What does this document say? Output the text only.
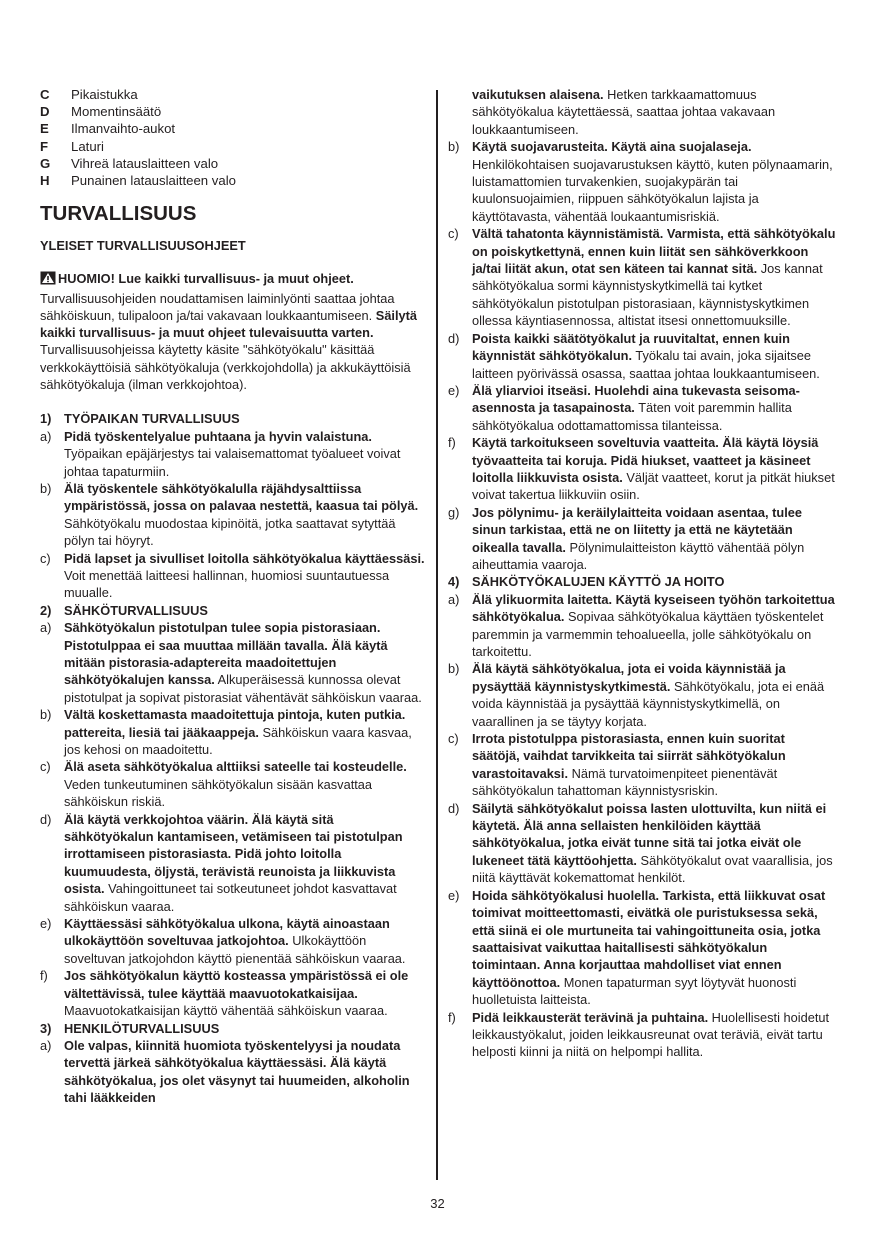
C	Pikaistukka
D	Momentinsäätö
E	Ilmanvaihto-aukot
F	Laturi
G	Vihreä latauslaitteen valo
H	Punainen latauslaitteen valo
TURVALLISUUS
YLEISET TURVALLISUUSOHJEET
HUOMIO! Lue kaikki turvallisuus- ja muut ohjeet. Turvallisuusohjeiden noudattamisen laiminlyönti saattaa johtaa sähköiskuun, tulipaloon ja/tai vakavaan loukkaantumiseen. Säilytä kaikki turvallisuus- ja muut ohjeet tulevaisuutta varten. Turvallisuusohjeissa käytetty käsite "sähkötyökalu" käsittää verkkokäyttöisiä sähkötyökaluja (verkkojohdolla) ja akkukäyttöisiä sähkötyökaluja (ilman verkkojohtoa).
1) TYÖPAIKAN TURVALLISUUS
a) Pidä työskentelyalue puhtaana ja hyvin valaistuna. Työpaikan epäjärjestys tai valaisemattomat työalueet voivat johtaa tapaturmiin.
b) Älä työskentele sähkötyökalulla räjähdysalttiissa ympäristössä, jossa on palavaa nestettä, kaasua tai pölyä. Sähkötyökalu muodostaa kipinöitä, jotka saattavat sytyttää pölyn tai höyryt.
c)	Pidä lapset ja sivulliset loitolla sähkötyökalua käyttäessäsi. Voit menettää laitteesi hallinnan, huomiosi suuntautuessa muualle.
2) SÄHKÖTURVALLISUUS
a) Sähkötyökalun pistotulpan tulee sopia pistorasiaan. Pistotulppaa ei saa muuttaa millään tavalla. Älä käytä mitään pistorasia-adaptereita maadoitettujen sähkötyökalujen kanssa. Alkuperäisessä kunnossa olevat pistotulpat ja sopivat pistorasiat vähentävät sähköiskun vaaraa.
b) Vältä koskettamasta maadoitettuja pintoja, kuten putkia. pattereita, liesiä tai jääkaappeja. Sähköiskun vaara kasvaa, jos kehosi on maadoitettu.
c)	Älä aseta sähkötyökalua alttiiksi sateelle tai kosteudelle. Veden tunkeutuminen sähkötyökalun sisään kasvattaa sähköiskun riskiä.
d) Älä käytä verkkojohtoa väärin. Älä käytä sitä sähkötyökalun kantamiseen, vetämiseen tai pistotulpan irrottamiseen pistorasiasta. Pidä johto loitolla kuumuudesta, öljystä, terävistä reunoista ja liikkuvista osista. Vahingoittuneet tai sotkeutuneet johdot kasvattavat sähköiskun vaaraa.
e) Käyttäessäsi sähkötyökalua ulkona, käytä ainoastaan ulkokäyttöön soveltuvaa jatkojohtoa. Ulkokäyttöön soveltuvan jatkojohdon käyttö pienentää sähköiskun vaaraa.
f)	Jos sähkötyökalun käyttö kosteassa ympäristössä ei ole vältettävissä, tulee käyttää maavuotokatkaisijaa. Maavuotokatkaisijan käyttö vähentää sähköiskun vaaraa.
3) HENKILÖTURVALLISUUS
a) Ole valpas, kiinnitä huomiota työskentelyysi ja noudata tervettä järkeä sähkötyökalua käyttäessäsi. Älä käytä sähkötyökalua, jos olet väsynyt tai huumeiden, alkoholin tahi lääkkeiden
vaikutuksen alaisena. Hetken tarkkaamattomuus sähkötyökalua käytettäessä, saattaa johtaa vakavaan loukkaantumiseen.
b) Käytä suojavarusteita. Käytä aina suojalaseja. Henkilökohtaisen suojavarustuksen käyttö, kuten pölynaamarin, luistamattomien turvakenkien, suojakypärän tai kuulonsuojaimien, riippuen sähkötyökalun lajista ja käyttötavasta, vähentää loukaantumisriskiä.
c)	Vältä tahatonta käynnistämistä. Varmista, että sähkötyökalu on poiskytkettynä, ennen kuin liität sen sähköverkkoon ja/tai liität akun, otat sen käteen tai kannat sitä. Jos kannat sähkötyökalua sormi käynnistyskytkimellä tai kytket sähkötyökalun pistotulpan pistorasiaan, käynnistyskytkimen ollessa käyntiasennossa, altistat itsesi onnettomuuksille.
d) Poista kaikki säätötyökalut ja ruuvitaltat, ennen kuin käynnistät sähkötyökalun. Työkalu tai avain, joka sijaitsee laitteen pyörivässä osassa, saattaa johtaa loukkaantumiseen.
e) Älä yliarvioi itseäsi. Huolehdi aina tukevasta seisoma-asennosta ja tasapainosta. Täten voit paremmin hallita sähkötyökalua odottamattomissa tilanteissa.
f)	Käytä tarkoitukseen soveltuvia vaatteita. Älä käytä löysiä työvaatteita tai koruja. Pidä hiukset, vaatteet ja käsineet loitolla liikkuvista osista. Väljät vaatteet, korut ja pitkät hiukset voivat takertua liikkuviin osiin.
g) Jos pölynimu- ja keräilylaitteita voidaan asentaa, tulee sinun tarkistaa, että ne on liitetty ja että ne käytetään oikealla tavalla. Pölynimulaitteiston käyttö vähentää pölyn aiheuttamia vaaroja.
4) SÄHKÖTYÖKALUJEN KÄYTTÖ JA HOITO
a) Älä ylikuormita laitetta. Käytä kyseiseen työhön tarkoitettua sähkötyökalua. Sopivaa sähkötyökalua käyttäen työskentelet paremmin ja varmemmin tehoalueella, jolle sähkötyökalu on tarkoitettu.
b) Älä käytä sähkötyökalua, jota ei voida käynnistää ja pysäyttää käynnistyskytkimestä. Sähkötyökalu, jota ei enää voida käynnistää ja pysäyttää käynnistyskytkimellä, on vaarallinen ja se täytyy korjata.
c)	Irrota pistotulppa pistorasiasta, ennen kuin suoritat säätöjä, vaihdat tarvikkeita tai siirrät sähkötyökalun varastoitavaksi. Nämä turvatoimenpiteet pienentävät sähkötyökalun tahattoman käynnistysriskin.
d) Säilytä sähkötyökalut poissa lasten ulottuvilta, kun niitä ei käytetä. Älä anna sellaisten henkilöiden käyttää sähkötyökalua, jotka eivät tunne sitä tai jotka eivät ole lukeneet tätä käyttöohjetta. Sähkötyökalut ovat vaarallisia, jos niitä käyttävät kokemattomat henkilöt.
e) Hoida sähkötyökalusi huolella. Tarkista, että liikkuvat osat toimivat moitteettomasti, eivätkä ole puristuksessa sekä, että siinä ei ole murtuneita tai vahingoittuneita osia, jotka saattaisivat vaikuttaa haitallisesti sähkötyökalun toimintaan. Anna korjauttaa mahdolliset viat ennen käyttöönottoa. Monen tapaturman syyt löytyvät huonosti huolletuista laitteista.
f)	Pidä leikkausterät terävinä ja puhtaina. Huolellisesti hoidetut leikkaustyökalut, joiden leikkausreunat ovat teräviä, eivät tartu helposti kiinni ja niitä on helpompi hallita.
32
